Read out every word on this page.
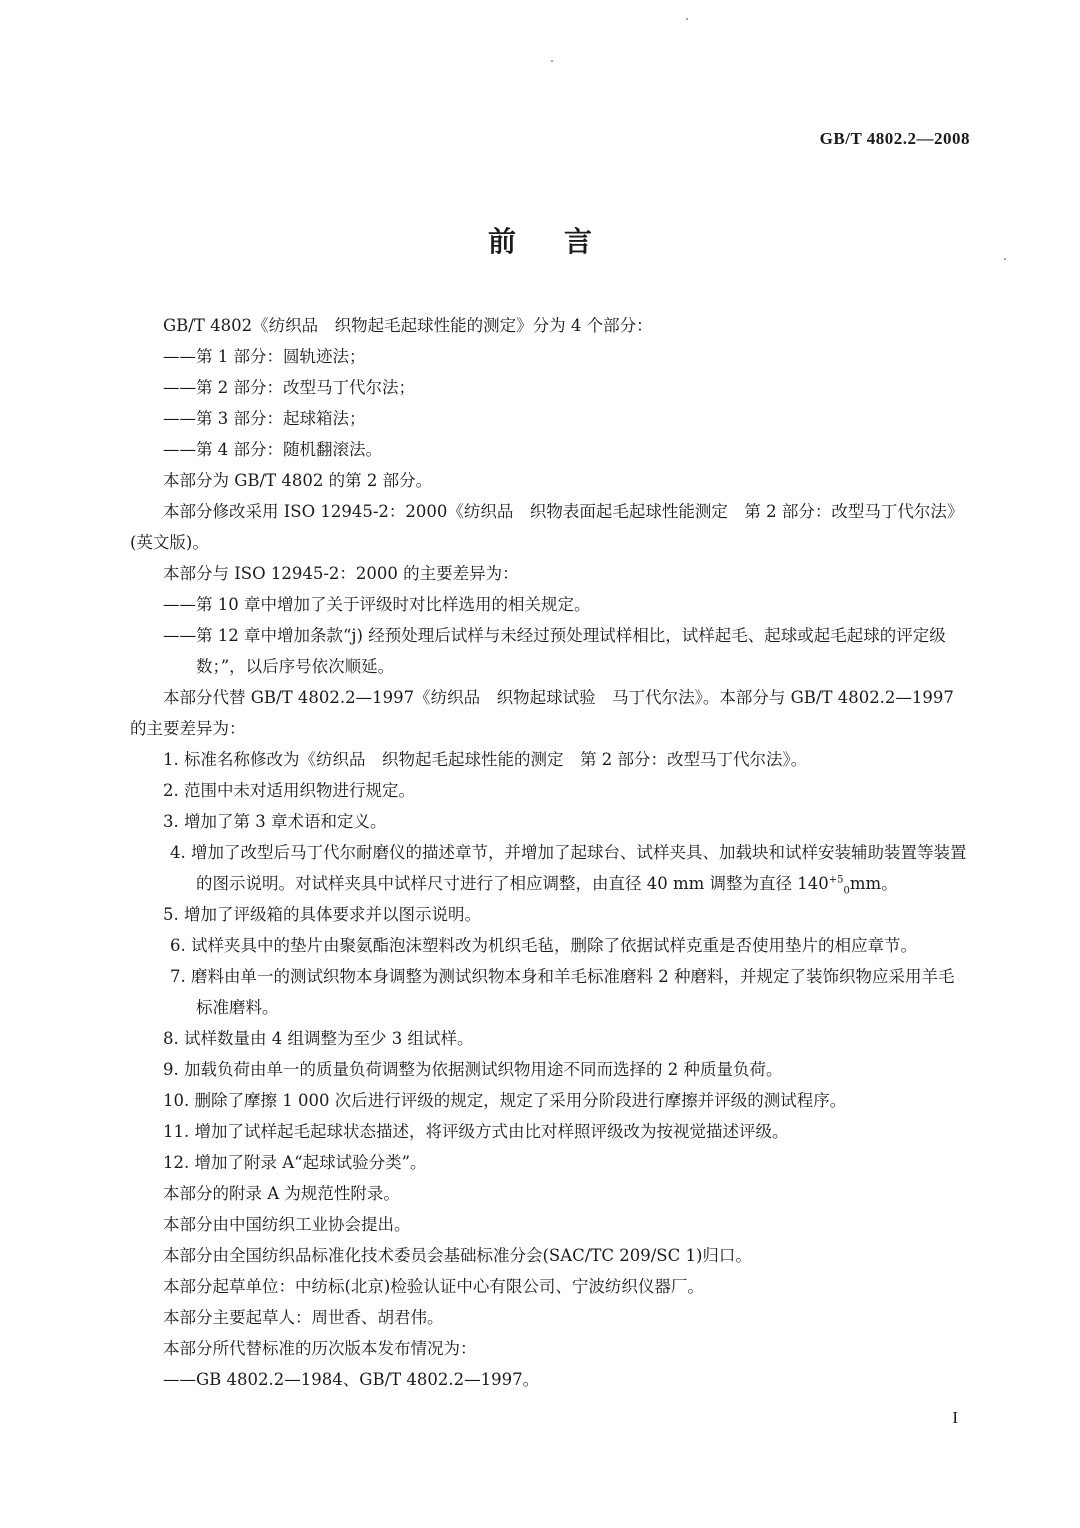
GB/T 4802.2—2008
前言
GB/T 4802《纺织品　织物起毛起球性能的测定》分为 4 个部分：
——第 1 部分：圆轨迹法；
——第 2 部分：改型马丁代尔法；
——第 3 部分：起球箱法；
——第 4 部分：随机翻滚法。
本部分为 GB/T 4802 的第 2 部分。
本部分修改采用 ISO 12945-2：2000《纺织品　织物表面起毛起球性能测定　第 2 部分：改型马丁代尔法》(英文版)。
本部分与 ISO 12945-2：2000 的主要差异为：
——第 10 章中增加了关于评级时对比样选用的相关规定。
——第 12 章中增加条款“j) 经预处理后试样与未经过预处理试样相比，试样起毛、起球或起毛起球的评定级数；”，以后序号依次顺延。
本部分代替 GB/T 4802.2—1997《纺织品　织物起球试验　马丁代尔法》。本部分与 GB/T 4802.2—1997 的主要差异为：
1. 标准名称修改为《纺织品　织物起毛起球性能的测定　第 2 部分：改型马丁代尔法》。
2. 范围中未对适用织物进行规定。
3. 增加了第 3 章术语和定义。
4. 增加了改型后马丁代尔耐磨仪的描述章节，并增加了起球台、试样夹具、加载块和试样安装辅助装置等装置的图示说明。对试样夹具中试样尺寸进行了相应调整，由直径 40 mm 调整为直径 $140^{+5}_0mm$。
5. 增加了评级箱的具体要求并以图示说明。
6. 试样夹具中的垫片由聚氨酯泡沫塑料改为机织毛毡，删除了依据试样克重是否使用垫片的相应章节。
7. 磨料由单一的测试织物本身调整为测试织物本身和羊毛标准磨料 2 种磨料，并规定了装饰织物应采用羊毛标准磨料。
8. 试样数量由 4 组调整为至少 3 组试样。
9. 加载负荷由单一的质量负荷调整为依据测试织物用途不同而选择的 2 种质量负荷。
10. 删除了摩擦 1 000 次后进行评级的规定，规定了采用分阶段进行摩擦并评级的测试程序。
11. 增加了试样起毛起球状态描述，将评级方式由比对样照评级改为按视觉描述评级。
12. 增加了附录 A“起球试验分类”。
本部分的附录 A 为规范性附录。
本部分由中国纺织工业协会提出。
本部分由全国纺织品标准化技术委员会基础标准分会(SAC/TC 209/SC 1)归口。
本部分起草单位：中纺标(北京)检验认证中心有限公司、宁波纺织仪器厂。
本部分主要起草人：周世香、胡君伟。
本部分所代替标准的历次版本发布情况为：
——GB 4802.2—1984、GB/T 4802.2—1997。
I
